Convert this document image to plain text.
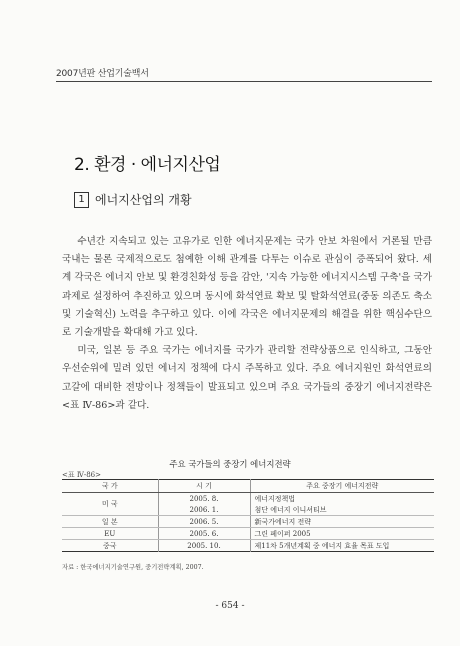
2007년판 산업기술백서
2. 환경 · 에너지산업
1 에너지산업의 개황

수년간 지속되고 있는 고유가로 인한 에너지문제는 국가 안보 차원에서 거론될 만큼 국내는 물론 국제적으로도 첨예한 이해 관계를 다투는 이슈로 관심이 증폭되어 왔다. 세계 각국은 에너지 안보 및 환경친화성 등을 감안, '지속 가능한 에너지시스템 구축'을 국가과제로 설정하여 추진하고 있으며 동시에 화석연료 확보 및 탈화석연료(중동 의존도 축소 및 기술혁신) 노력을 추구하고 있다. 이에 각국은 에너지문제의 해결을 위한 핵심수단으로 기술개발을 확대해 가고 있다.

미국, 일본 등 주요 국가는 에너지를 국가가 관리할 전략상품으로 인식하고, 그동안 우선순위에 밀려 있던 에너지 정책에 다시 주목하고 있다. 주요 에너지원인 화석연료의 고갈에 대비한 전망이나 정책들이 발표되고 있으며 주요 국가들의 중장기 에너지전략은 <표 Ⅳ-86>과 같다.

주요 국가들의 중장기 에너지전략
<표 Ⅳ-86>
국 가	시 기	주요 중장기 에너지전략
미 국	2005. 8.	에너지정책법
	2006. 1.	첨단 에너지 이니셔티브
일 본	2006. 5.	新국가에너지 전략
EU	2005. 6.	그린 페이퍼 2005
중국	2005. 10.	제11차 5개년계획 중 에너지 효율 목표 도입
자료 : 한국에너지기술연구원, 중기전략계획, 2007.
- 654 -
